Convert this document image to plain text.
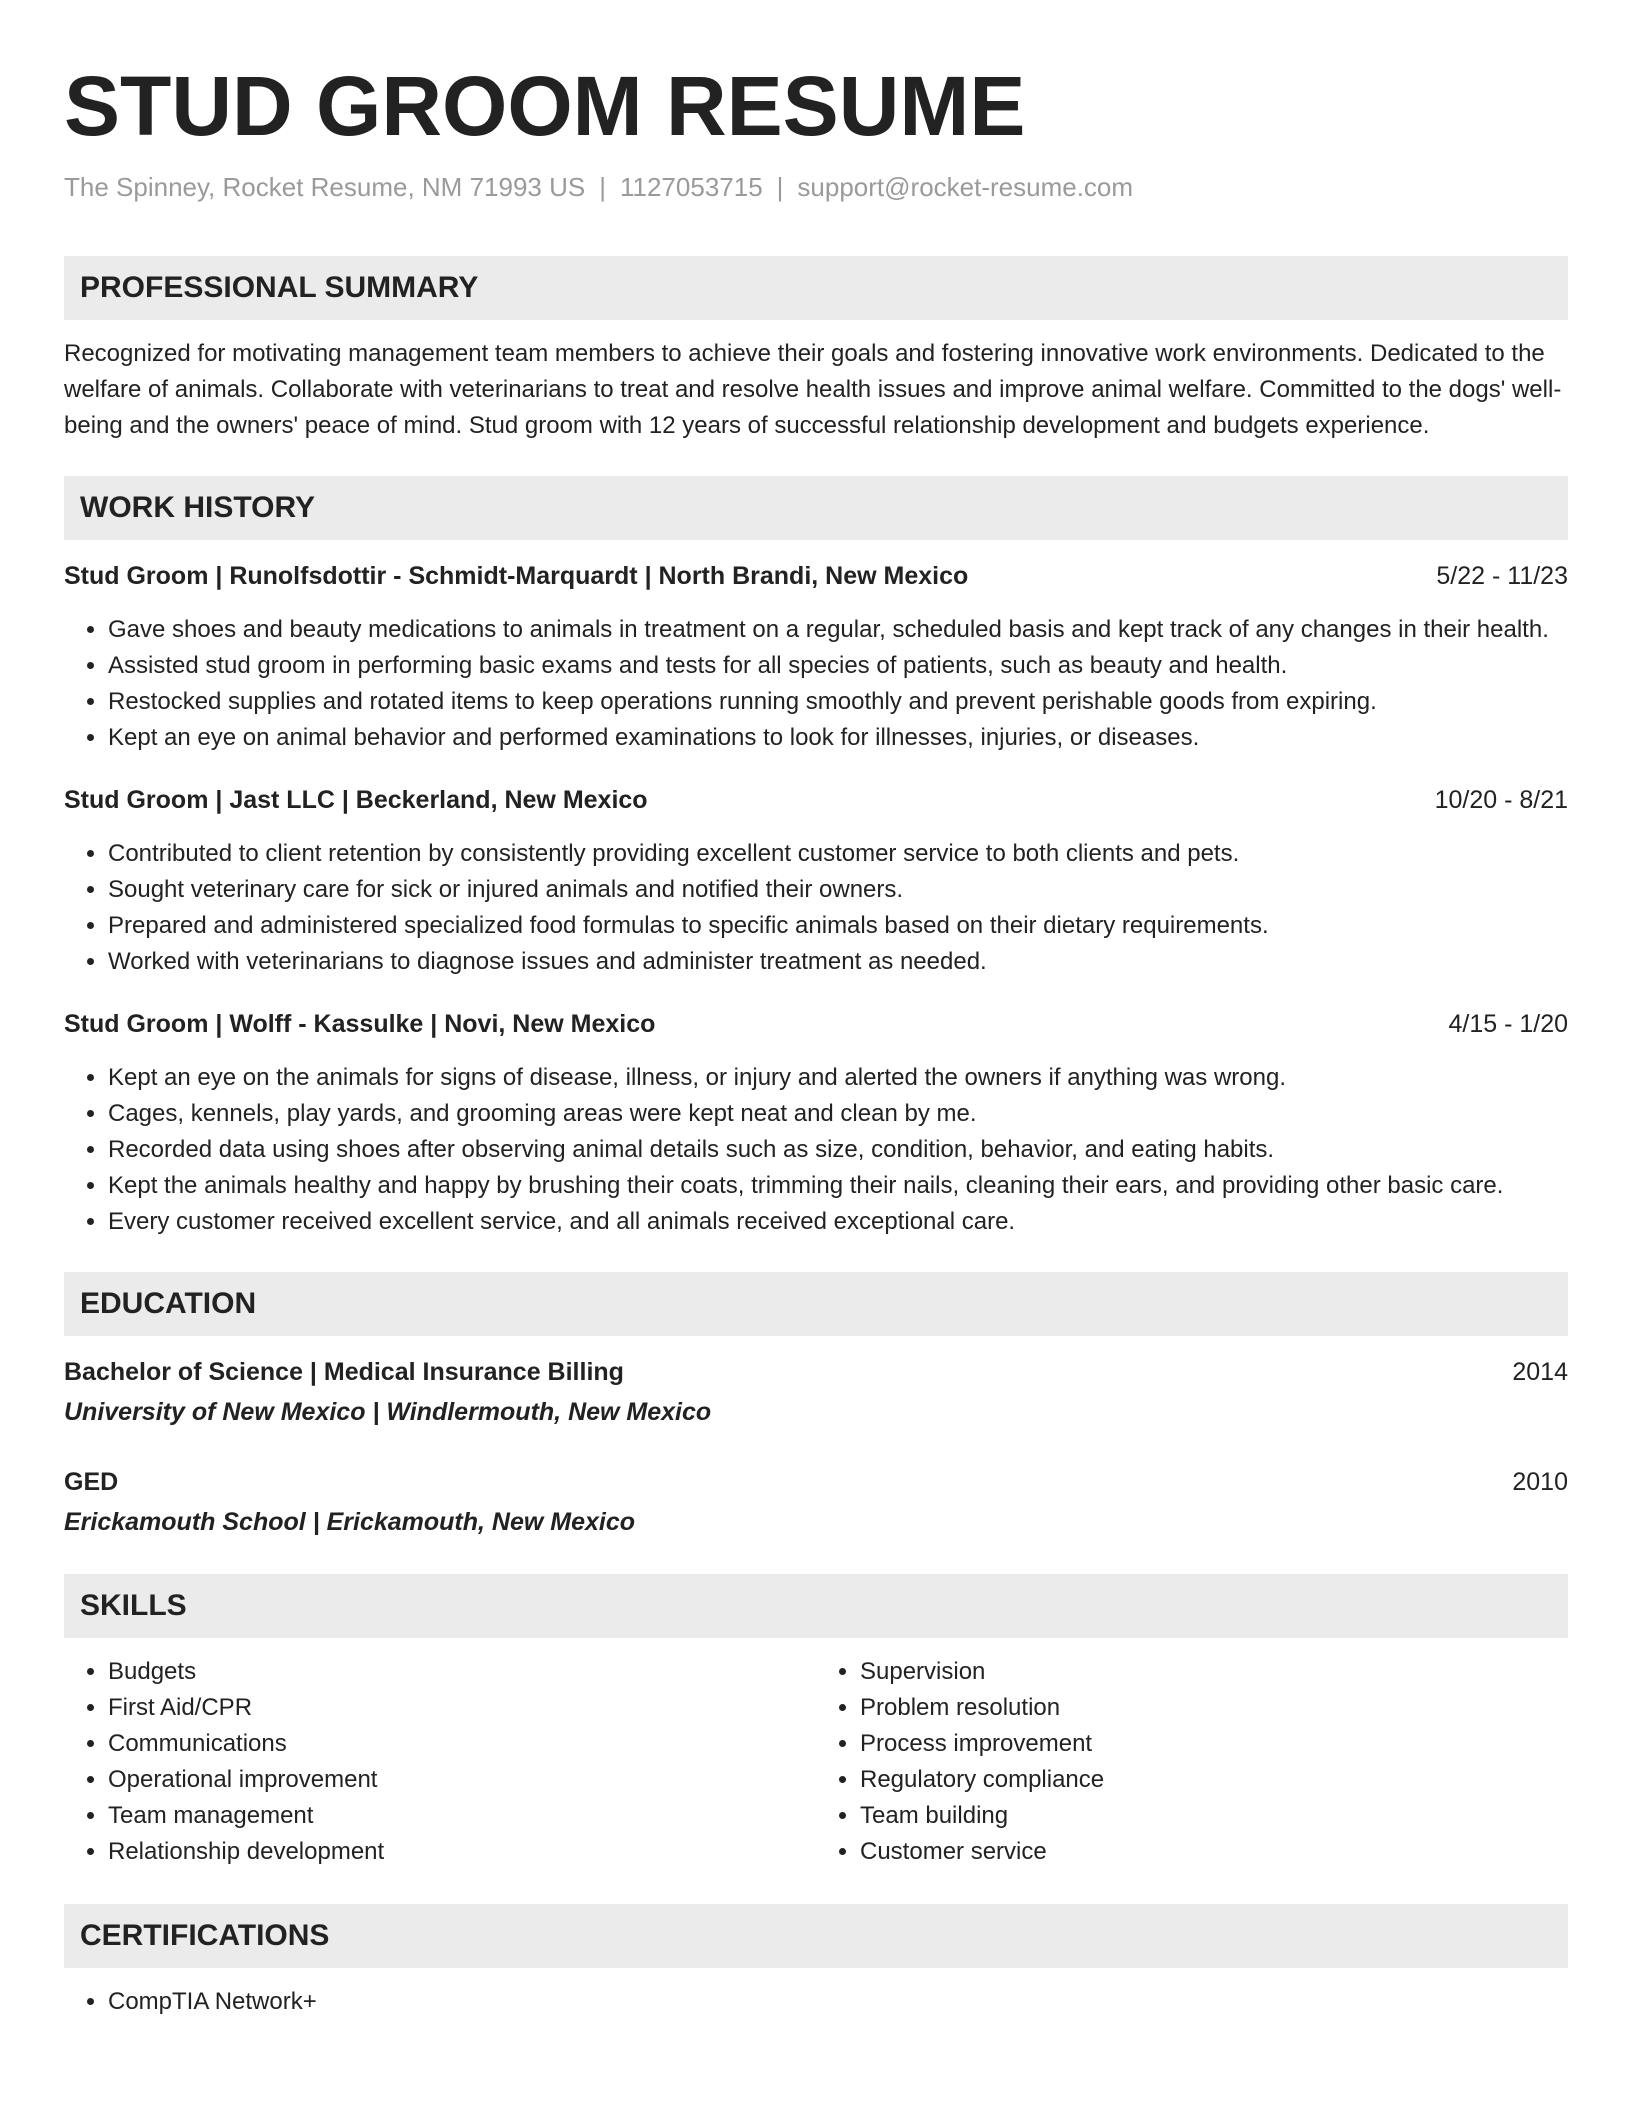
STUD GROOM RESUME
The Spinney, Rocket Resume, NM 71993 US | 1127053715 | support@rocket-resume.com
PROFESSIONAL SUMMARY

Recognized for motivating management team members to achieve their goals and fostering innovative work environments. Dedicated to the welfare of animals. Collaborate with veterinarians to treat and resolve health issues and improve animal welfare. Committed to the dogs' well-being and the owners' peace of mind. Stud groom with 12 years of successful relationship development and budgets experience.

WORK HISTORY
Stud Groom | Runolfsdottir - Schmidt-Marquardt | North Brandi, New Mexico	5/22 - 11/23
• Gave shoes and beauty medications to animals in treatment on a regular, scheduled basis and kept track of any changes in their health.
• Assisted stud groom in performing basic exams and tests for all species of patients, such as beauty and health.
• Restocked supplies and rotated items to keep operations running smoothly and prevent perishable goods from expiring.
• Kept an eye on animal behavior and performed examinations to look for illnesses, injuries, or diseases.
Stud Groom | Jast LLC | Beckerland, New Mexico	10/20 - 8/21
• Contributed to client retention by consistently providing excellent customer service to both clients and pets.
• Sought veterinary care for sick or injured animals and notified their owners.
• Prepared and administered specialized food formulas to specific animals based on their dietary requirements.
• Worked with veterinarians to diagnose issues and administer treatment as needed.
Stud Groom | Wolff - Kassulke | Novi, New Mexico	4/15 - 1/20
• Kept an eye on the animals for signs of disease, illness, or injury and alerted the owners if anything was wrong.
• Cages, kennels, play yards, and grooming areas were kept neat and clean by me.
• Recorded data using shoes after observing animal details such as size, condition, behavior, and eating habits.
• Kept the animals healthy and happy by brushing their coats, trimming their nails, cleaning their ears, and providing other basic care.
• Every customer received excellent service, and all animals received exceptional care.
EDUCATION
Bachelor of Science | Medical Insurance Billing	2014
University of New Mexico | Windlermouth, New Mexico
GED	2010
Erickamouth School | Erickamouth, New Mexico
SKILLS
• Budgets
• First Aid/CPR
• Communications
• Operational improvement
• Team management
• Relationship development
• Supervision
• Problem resolution
• Process improvement
• Regulatory compliance
• Team building
• Customer service
CERTIFICATIONS
• CompTIA Network+
